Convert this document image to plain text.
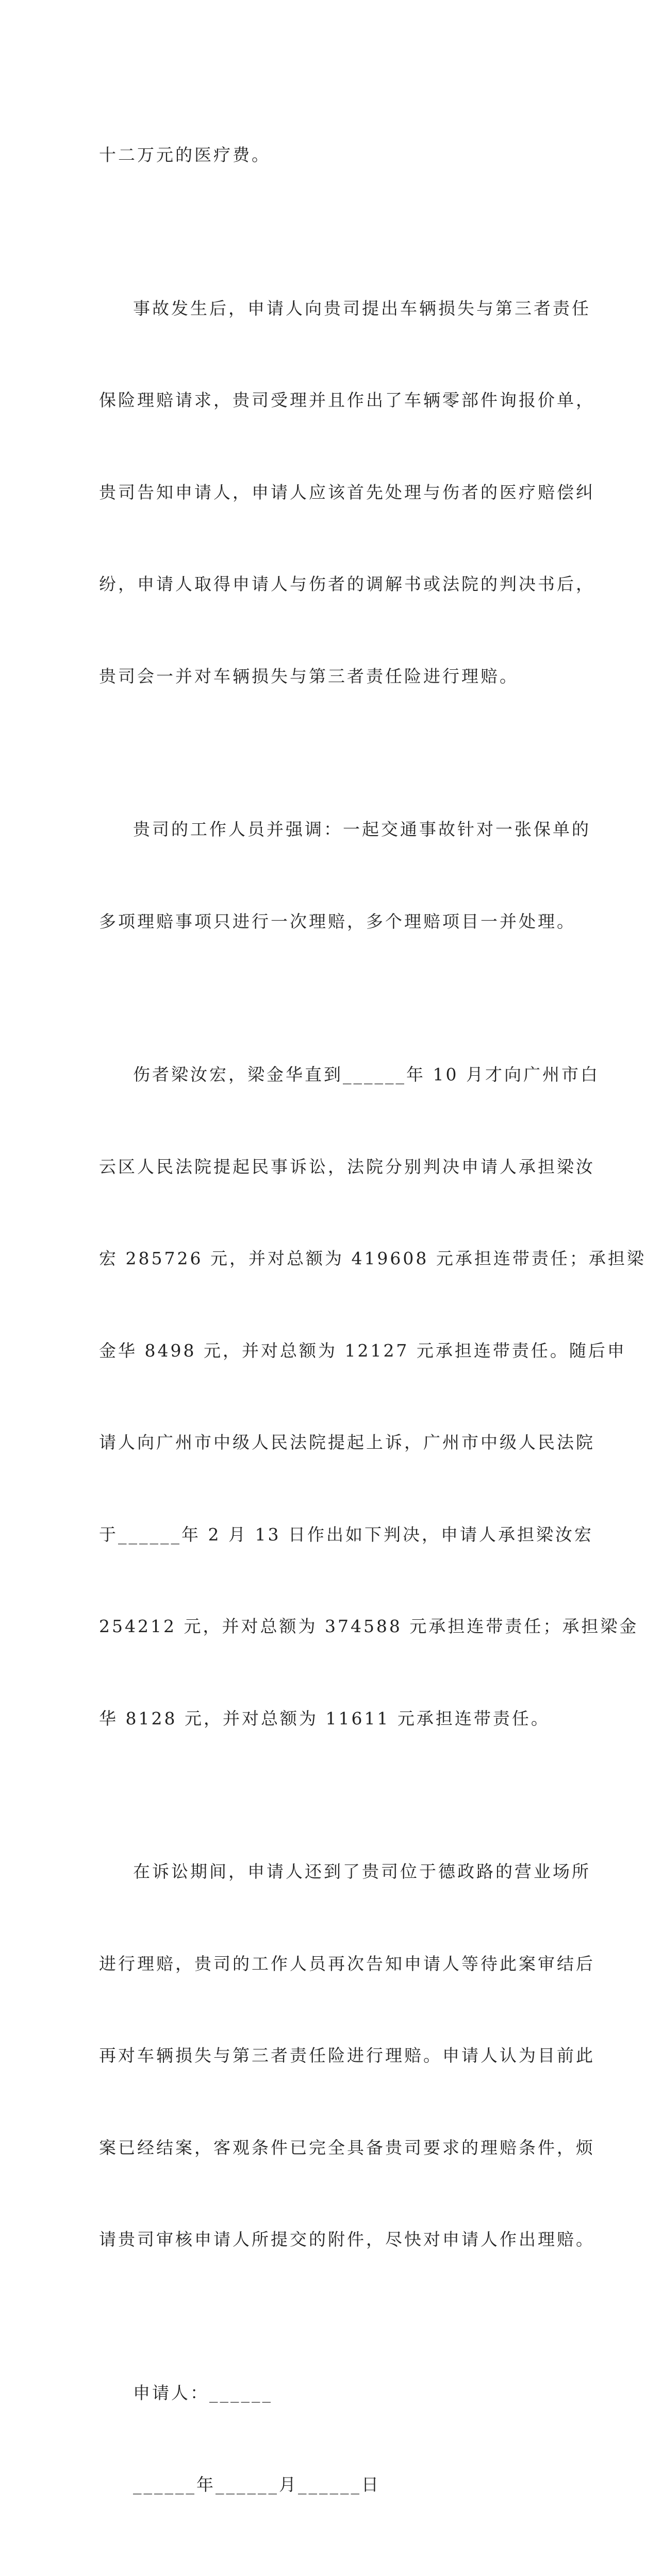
十二万元的医疗费。

事故发生后，申请人向贵司提出车辆损失与第三者责任

保险理赔请求，贵司受理并且作出了车辆零部件询报价单，

贵司告知申请人，申请人应该首先处理与伤者的医疗赔偿纠

纷，申请人取得申请人与伤者的调解书或法院的判决书后，

贵司会一并对车辆损失与第三者责任险进行理赔。

贵司的工作人员并强调：一起交通事故针对一张保单的

多项理赔事项只进行一次理赔，多个理赔项目一并处理。

伤者梁汝宏，梁金华直到______年 10 月才向广州市白

云区人民法院提起民事诉讼，法院分别判决申请人承担梁汝

宏 285726 元，并对总额为 419608 元承担连带责任；承担梁

金华 8498 元，并对总额为 12127 元承担连带责任。随后申

请人向广州市中级人民法院提起上诉，广州市中级人民法院

于______年 2 月 13 日作出如下判决，申请人承担梁汝宏

254212 元，并对总额为 374588 元承担连带责任；承担梁金

华 8128 元，并对总额为 11611 元承担连带责任。

在诉讼期间，申请人还到了贵司位于德政路的营业场所

进行理赔，贵司的工作人员再次告知申请人等待此案审结后

再对车辆损失与第三者责任险进行理赔。申请人认为目前此

案已经结案，客观条件已完全具备贵司要求的理赔条件，烦

请贵司审核申请人所提交的附件，尽快对申请人作出理赔。

申请人：______

______年______月______日
